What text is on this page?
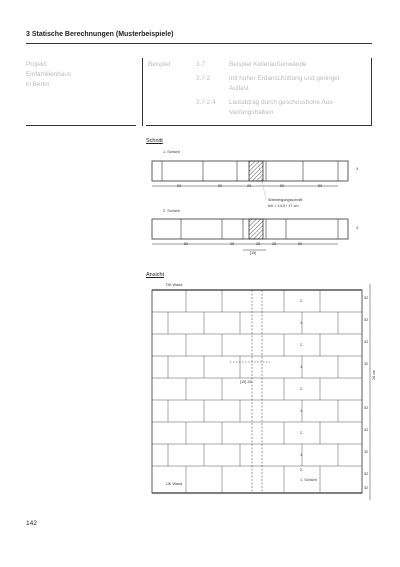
3 Statische Berechnungen (Musterbeispiele)
Projekt:
Einfamilienhaus
in Berlin
Beispiel	3.7	Beispiel Kelleraußenwände
3.7.2	mit hoher Erdanschüttung und geringer
Auflast
3.7.2.4 Lastabtrag durch geschosshohe Aus-
steifungsbalken
Schnitt
1. Schicht
X
50	50	25	50	50
Wärmeigungsschnitt
b/h = 14,9 / 17 cm
2. Schicht
X
50	25	25	25	50
[15]
Ansicht
OK Wand
UK Wand
1. Schicht
[15] 26
2.
1.
2.
1.
2.
1.
2.
1.
2.
32
32
32
32
32
32
32
32
32
26 cm
142
